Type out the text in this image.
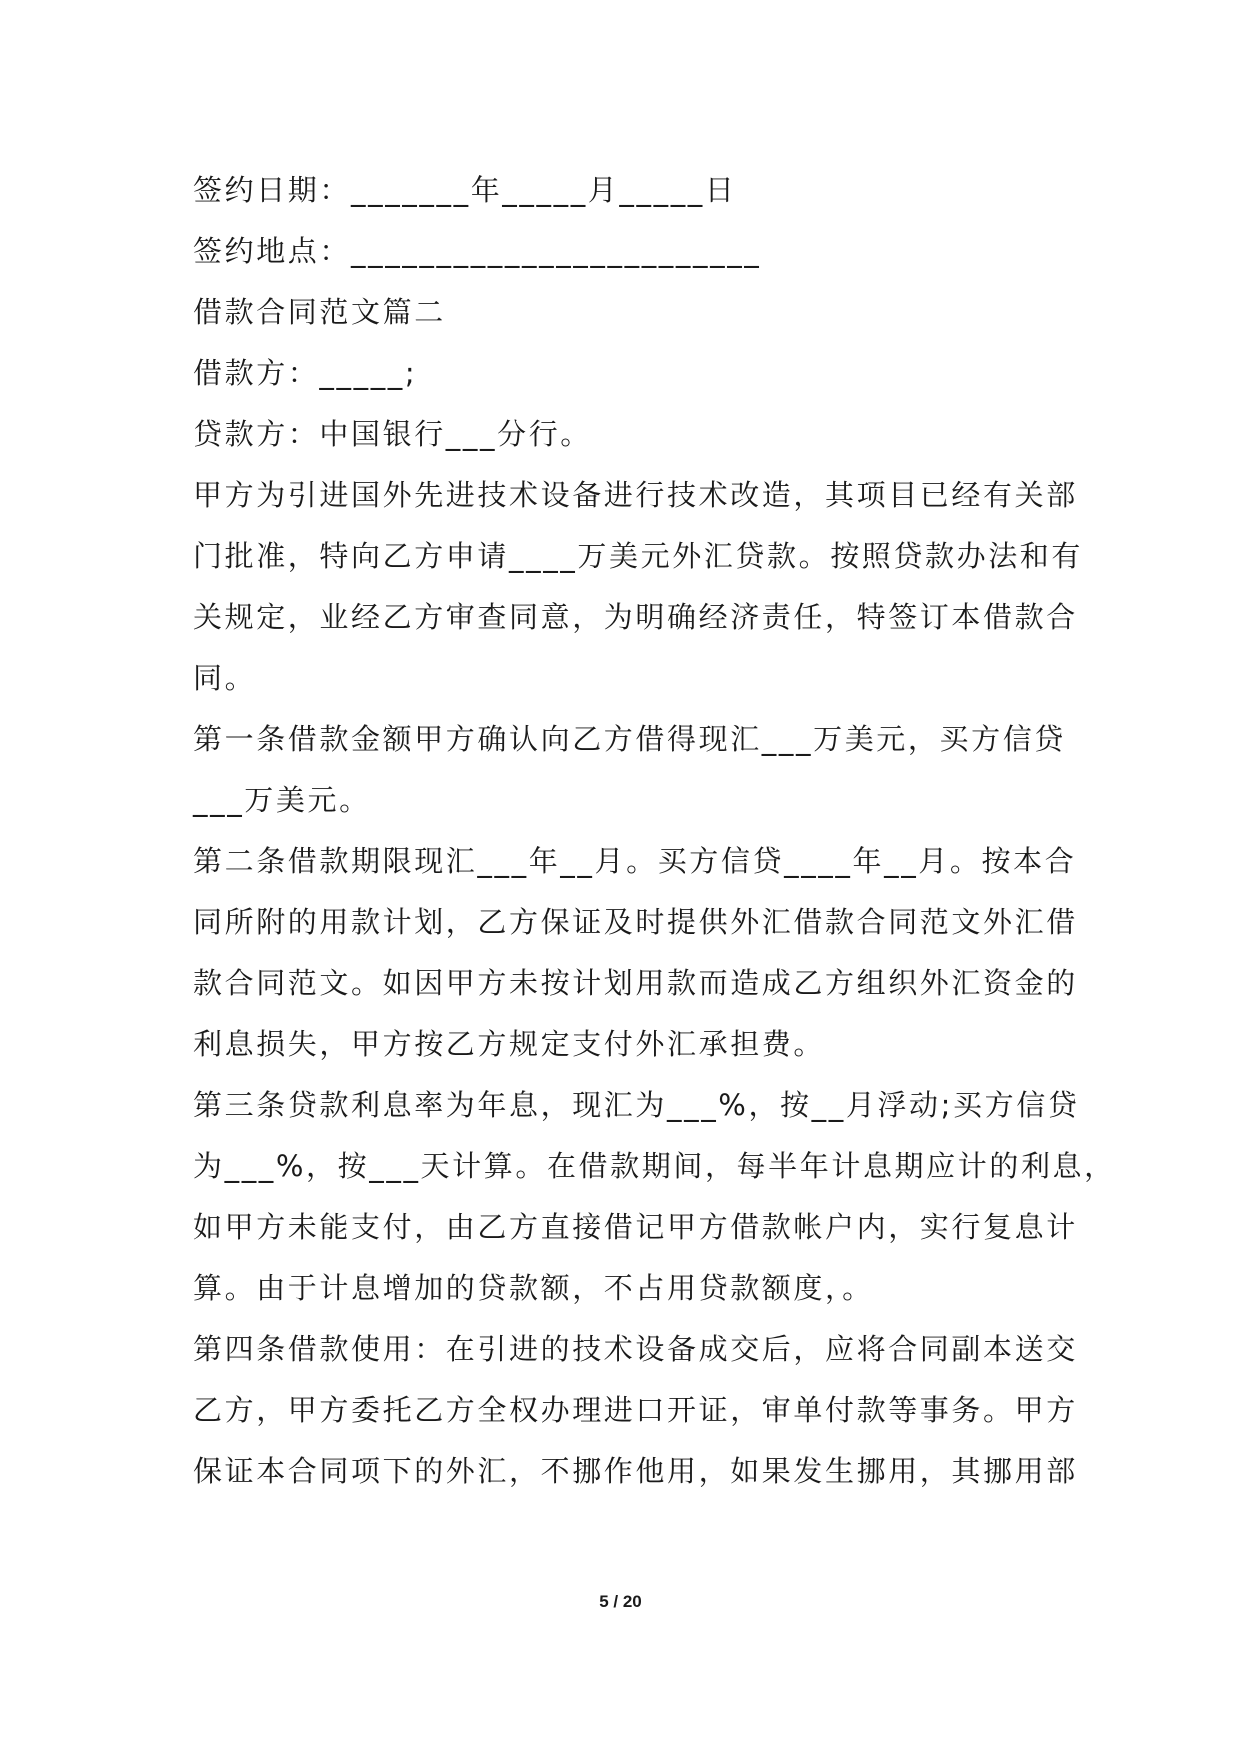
签约日期：_______年_____月_____日
签约地点：________________________
借款合同范文篇二
借款方：_____;
贷款方：中国银行___分行。
甲方为引进国外先进技术设备进行技术改造，其项目已经有关部
门批准，特向乙方申请____万美元外汇贷款。按照贷款办法和有
关规定，业经乙方审查同意，为明确经济责任，特签订本借款合
同。
第一条借款金额甲方确认向乙方借得现汇___万美元，买方信贷
___万美元。
第二条借款期限现汇___年__月。买方信贷____年__月。按本合
同所附的用款计划，乙方保证及时提供外汇借款合同范文外汇借
款合同范文。如因甲方未按计划用款而造成乙方组织外汇资金的
利息损失，甲方按乙方规定支付外汇承担费。
第三条贷款利息率为年息，现汇为___%，按__月浮动;买方信贷
为___%，按___天计算。在借款期间，每半年计息期应计的利息，
如甲方未能支付，由乙方直接借记甲方借款帐户内，实行复息计
算。由于计息增加的贷款额，不占用贷款额度，。
第四条借款使用：在引进的技术设备成交后，应将合同副本送交
乙方，甲方委托乙方全权办理进口开证，审单付款等事务。甲方
保证本合同项下的外汇，不挪作他用，如果发生挪用，其挪用部
5 / 20
